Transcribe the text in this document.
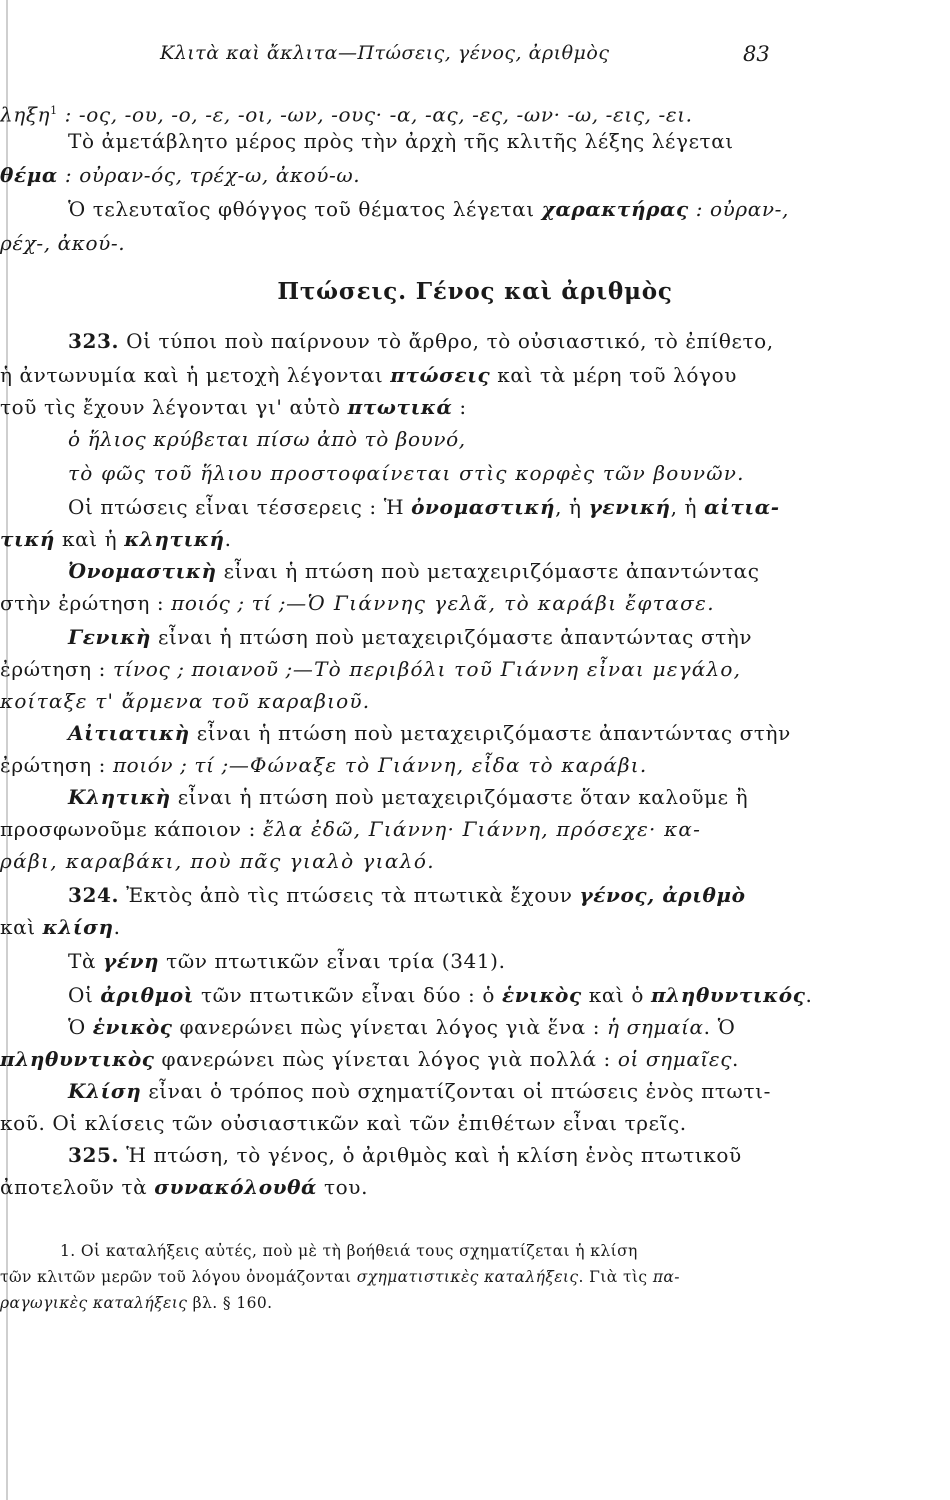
Κλιτὰ καὶ ἄκλιτα—Πτώσεις, γένος, ἀριθμὸς	83
ληξη$^1$ : -ος, -ου, -ο, -ε, -οι, -ων, -ους· -α, -ας, -ες, -ων· -ω, -εις, -ει.
Τὸ ἀμετάβλητο μέρος πρὸς τὴν ἀρχὴ τῆς κλιτῆς λέξης λέγεται
θέμα : οὐραν-ός, τρέχ-ω, ἀκού-ω.
Ὁ τελευταῖος φθόγγος τοῦ θέματος λέγεται χαρακτήρας : οὐραν-,
ρέχ-, ἀκού-.
Πτώσεις. Γένος καὶ ἀριθμὸς
323. Οἱ τύποι ποὺ παίρνουν τὸ ἄρθρο, τὸ οὐσιαστικό, τὸ ἐπίθετο,
ἡ ἀντωνυμία καὶ ἡ μετοχὴ λέγονται πτώσεις καὶ τὰ μέρη τοῦ λόγου
τοῦ τὶς ἔχουν λέγονται γι' αὐτὸ πτωτικά :
ὁ ἥλιος κρύβεται πίσω ἀπὸ τὸ βουνό,
τὸ φῶς τοῦ ἥλιου προστοφαίνεται στὶς κορφὲς τῶν βουνῶν.
Οἱ πτώσεις εἶναι τέσσερεις : Ἡ ὀνομαστική, ἡ γενική, ἡ αἰτια-
τική καὶ ἡ κλητική.
Ὀνομαστικὴ εἶναι ἡ πτώση ποὺ μεταχειριζόμαστε ἀπαντώντας
στὴν ἐρώτηση : ποιός ; τί ;—Ὁ Γιάννης γελᾶ, τὸ καράβι ἔφτασε.
Γενικὴ εἶναι ἡ πτώση ποὺ μεταχειριζόμαστε ἀπαντώντας στὴν
ἐρώτηση : τίνος ; ποιανοῦ ;—Τὸ περιβόλι τοῦ Γιάννη εἶναι μεγάλο,
κοίταξε τ' ἄρμενα τοῦ καραβιοῦ.
Αἰτιατικὴ εἶναι ἡ πτώση ποὺ μεταχειριζόμαστε ἀπαντώντας στὴν
ἐρώτηση : ποιόν ; τί ;—Φώναξε τὸ Γιάννη, εἶδα τὸ καράβι.
Κλητικὴ εἶναι ἡ πτώση ποὺ μεταχειριζόμαστε ὅταν καλοῦμε ἢ
προσφωνοῦμε κάποιον : ἔλα ἐδῶ, Γιάννη· Γιάννη, πρόσεχε· κα-
ράβι, καραβάκι, ποὺ πᾶς γιαλὸ γιαλό.
324. Ἐκτὸς ἀπὸ τὶς πτώσεις τὰ πτωτικὰ ἔχουν γένος, ἀριθμὸ
καὶ κλίση.
Τὰ γένη τῶν πτωτικῶν εἶναι τρία (341).
Οἱ ἀριθμοὶ τῶν πτωτικῶν εἶναι δύο : ὁ ἑνικὸς καὶ ὁ πληθυντικός.
Ὁ ἑνικὸς φανερώνει πὼς γίνεται λόγος γιὰ ἕνα : ἡ σημαία. Ὁ
πληθυντικὸς φανερώνει πὼς γίνεται λόγος γιὰ πολλά : οἱ σημαῖες.
Κλίση εἶναι ὁ τρόπος ποὺ σχηματίζονται οἱ πτώσεις ἑνὸς πτωτι-
κοῦ. Οἱ κλίσεις τῶν οὐσιαστικῶν καὶ τῶν ἐπιθέτων εἶναι τρεῖς.
325. Ἡ πτώση, τὸ γένος, ὁ ἀριθμὸς καὶ ἡ κλίση ἑνὸς πτωτικοῦ
ἀποτελοῦν τὰ συνακόλουθά του.
1. Οἱ καταλήξεις αὐτές, ποὺ μὲ τὴ βοήθειά τους σχηματίζεται ἡ κλίση
τῶν κλιτῶν μερῶν τοῦ λόγου ὀνομάζονται σχηματιστικὲς καταλήξεις. Γιὰ τὶς πα-
ραγωγικὲς καταλήξεις βλ. § 160.
